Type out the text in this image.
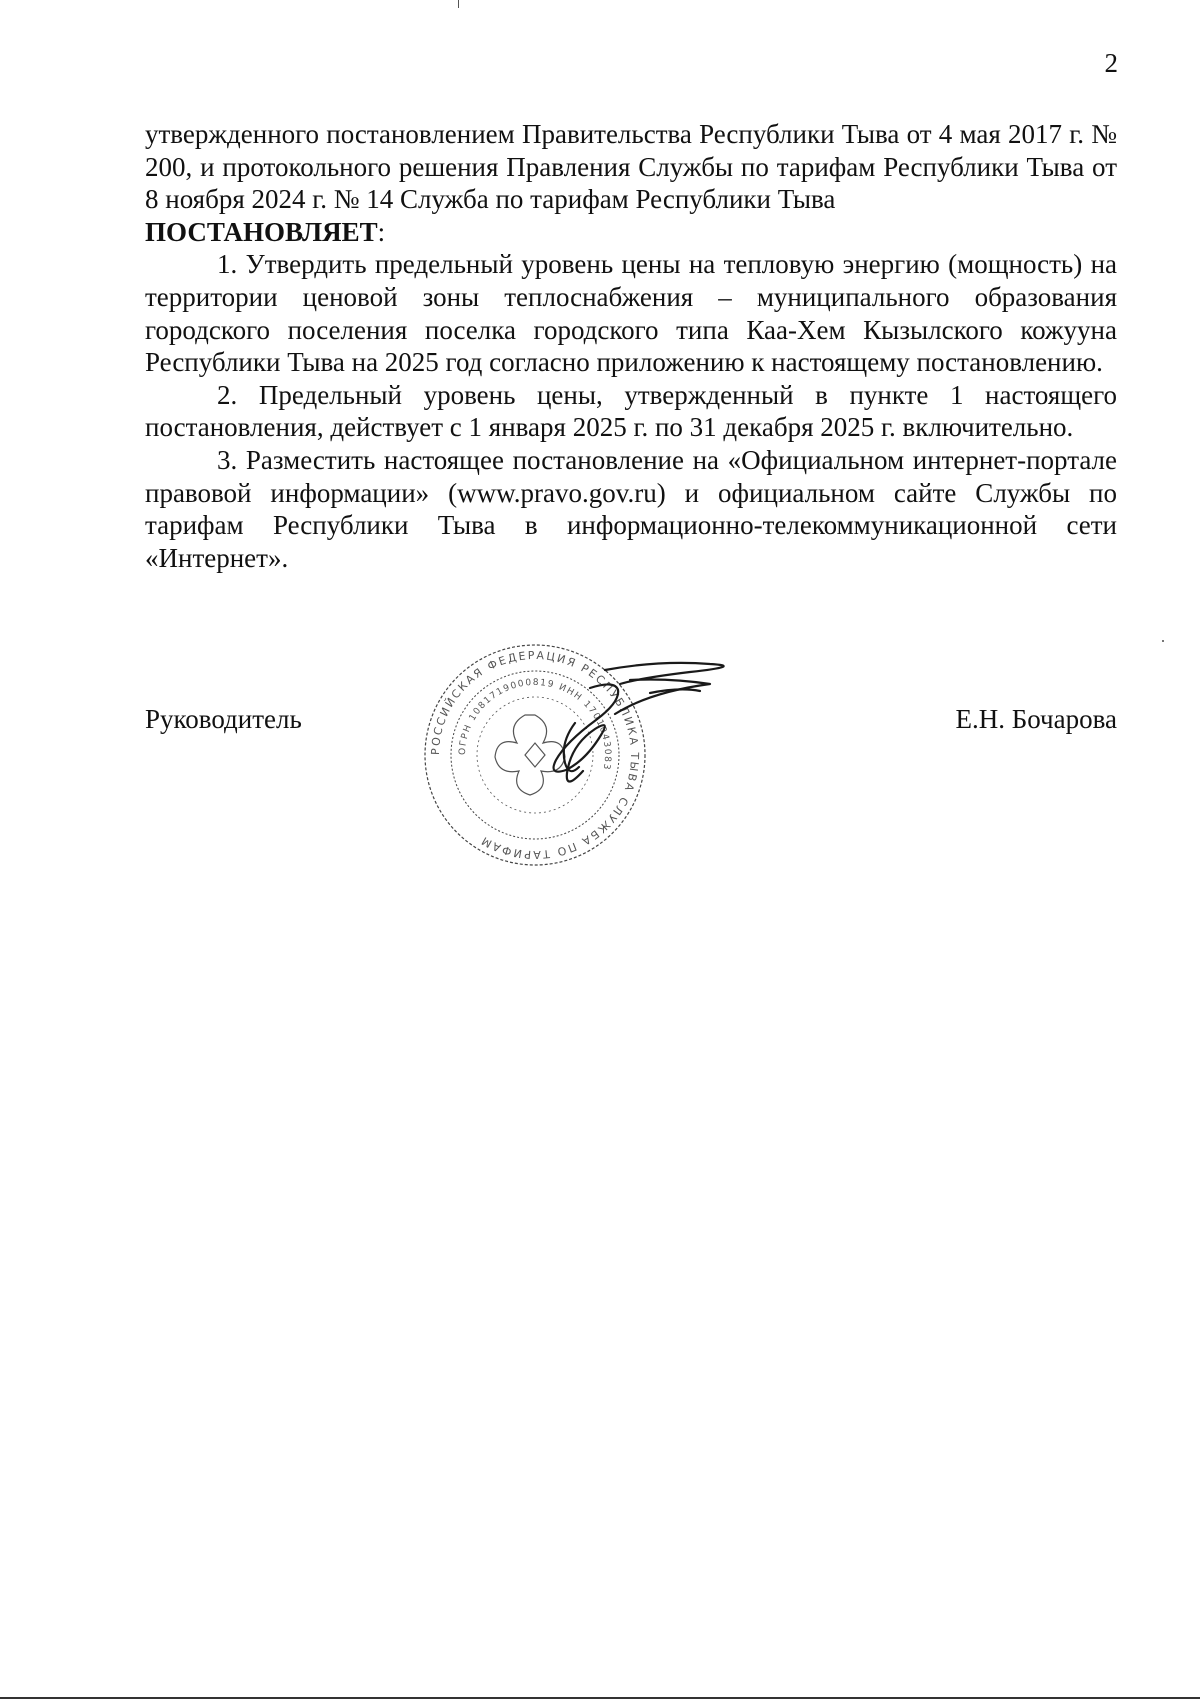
2

утвержденного постановлением Правительства Республики Тыва от 4 мая 2017 г. № 200, и протокольного решения Правления Службы по тарифам Республики Тыва от 8 ноября 2024 г. № 14 Служба по тарифам Республики Тыва
ПОСТАНОВЛЯЕТ:

1. Утвердить предельный уровень цены на тепловую энергию (мощность) на территории ценовой зоны теплоснабжения – муниципального образования городского поселения поселка городского типа Каа-Хем Кызылского кожууна Республики Тыва на 2025 год согласно приложению к настоящему постановлению.

2. Предельный уровень цены, утвержденный в пункте 1 настоящего постановления, действует с 1 января 2025 г. по 31 декабря 2025 г. включительно.

3. Разместить настоящее постановление на «Официальном интернет-портале правовой информации» (www.pravo.gov.ru) и официальном сайте Службы по тарифам Республики Тыва в информационно-телекоммуникационной сети «Интернет».

РОССИЙСКАЯ ФЕДЕРАЦИЯ РЕСПУБЛИКА ТЫВА СЛУЖБА ПО ТАРИФАМ
ОГРН 1081719000819 ИНН 1701043083
Руководитель	Е.Н. Бочарова
